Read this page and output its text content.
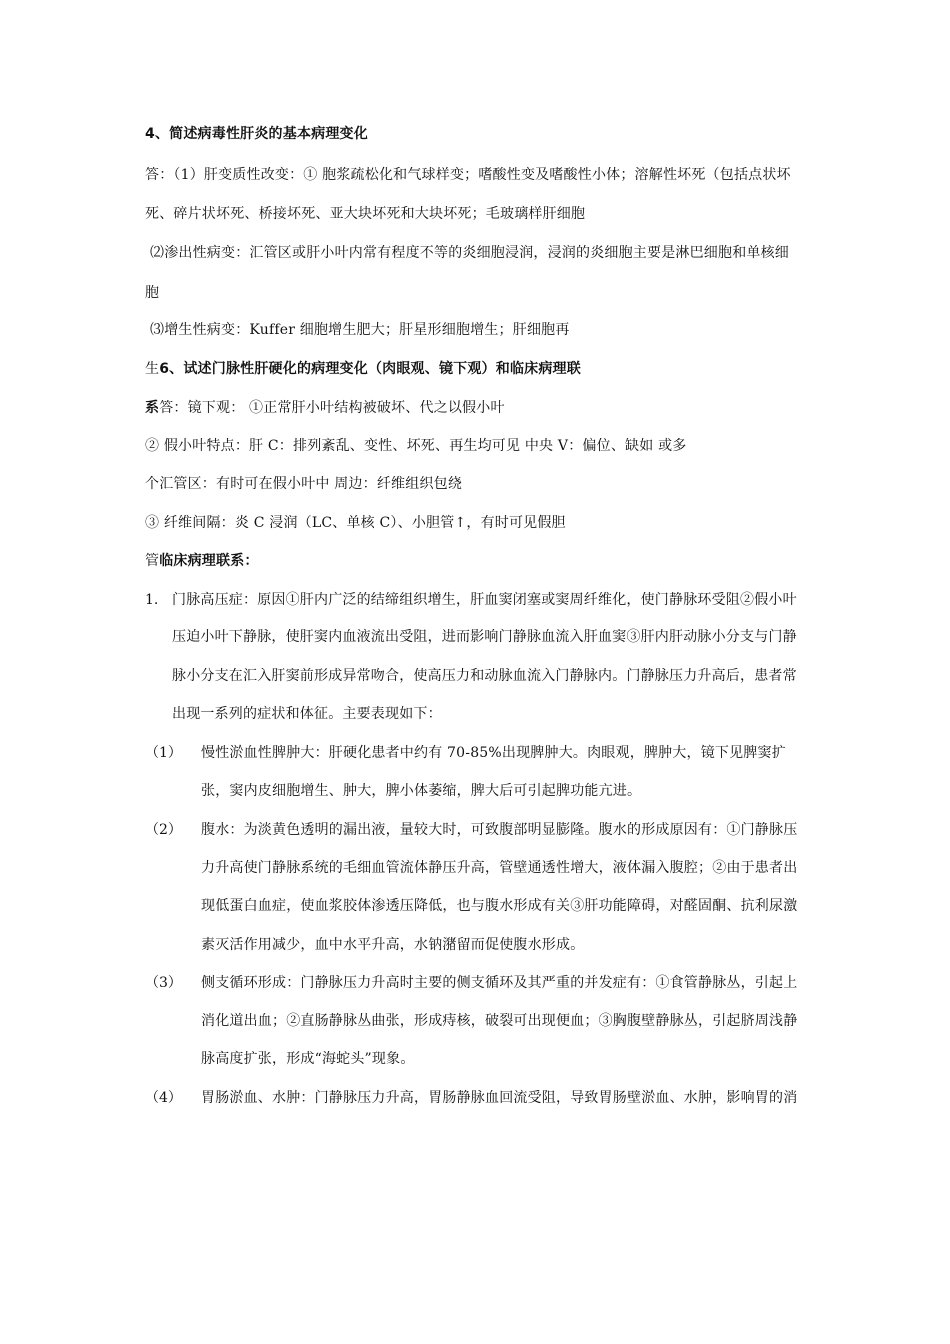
4、简述病毒性肝炎的基本病理变化
答：（1）肝变质性改变：① 胞浆疏松化和气球样变；嗜酸性变及嗜酸性小体；溶解性坏死（包括点状坏
死、碎片状坏死、桥接坏死、亚大块坏死和大块坏死；毛玻璃样肝细胞
⑵渗出性病变：汇管区或肝小叶内常有程度不等的炎细胞浸润，浸润的炎细胞主要是淋巴细胞和单核细
胞
⑶增生性病变：Kuffer 细胞增生肥大；肝星形细胞增生；肝细胞再
生6、试述门脉性肝硬化的病理变化（肉眼观、镜下观）和临床病理联
系答：镜下观： ①正常肝小叶结构被破坏、代之以假小叶
② 假小叶特点：肝 C：排列紊乱、变性、坏死、再生均可见 中央 V：偏位、缺如 或多
个汇管区：有时可在假小叶中 周边：纤维组织包绕
③ 纤维间隔：炎 C 浸润（LC、单核 C）、小胆管↑，有时可见假胆
管临床病理联系：
1. 门脉高压症：原因①肝内广泛的结缔组织增生，肝血窦闭塞或窦周纤维化，使门静脉环受阻②假小叶
压迫小叶下静脉，使肝窦内血液流出受阻，进而影响门静脉血流入肝血窦③肝内肝动脉小分支与门静
脉小分支在汇入肝窦前形成异常吻合，使高压力和动脉血流入门静脉内。门静脉压力升高后，患者常
出现一系列的症状和体征。主要表现如下：
（1） 慢性淤血性脾肿大：肝硬化患者中约有 70-85%出现脾肿大。肉眼观，脾肿大，镜下见脾窦扩
张，窦内皮细胞增生、肿大，脾小体萎缩，脾大后可引起脾功能亢进。
（2） 腹水：为淡黄色透明的漏出液，量较大时，可致腹部明显膨隆。腹水的形成原因有：①门静脉压
力升高使门静脉系统的毛细血管流体静压升高，管壁通透性增大，液体漏入腹腔；②由于患者出
现低蛋白血症，使血浆胶体渗透压降低，也与腹水形成有关③肝功能障碍，对醛固酮、抗利尿激
素灭活作用减少，血中水平升高，水钠潴留而促使腹水形成。
（3） 侧支循环形成：门静脉压力升高时主要的侧支循环及其严重的并发症有：①食管静脉丛，引起上
消化道出血；②直肠静脉丛曲张，形成痔核，破裂可出现便血；③胸腹壁静脉丛，引起脐周浅静
脉高度扩张，形成“海蛇头”现象。
（4） 胃肠淤血、水肿：门静脉压力升高，胃肠静脉血回流受阻，导致胃肠壁淤血、水肿，影响胃的消
